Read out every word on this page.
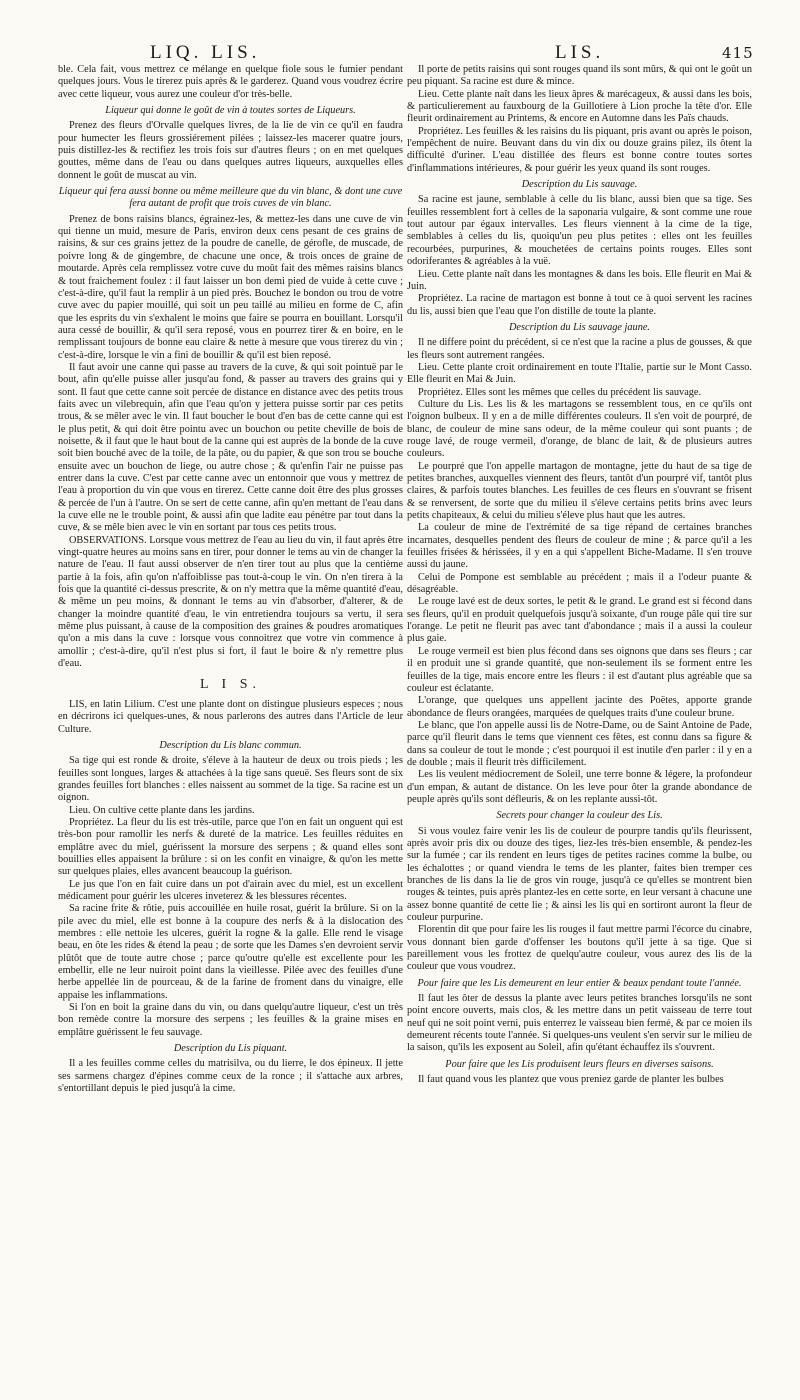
LIQ. LIS.	LIS.	415

ble. Cela fait, vous mettrez ce mélange en quelque fiole sous le fumier pendant quelques jours. Vous le tirerez puis après & le garderez. Quand vous voudrez écrire avec cette liqueur, vous aurez une couleur d'or très-belle.

Liqueur qui donne le goût de vin à toutes sortes de Liqueurs.

Prenez des fleurs d'Orvalle quelques livres, de la lie de vin ce qu'il en faudra pour humecter les fleurs grossiérement pilées ; laissez-les macerer quatre jours, puis distillez-les & rectifiez les trois fois sur d'autres fleurs ; on en met quelques gouttes, même dans de l'eau ou dans quelques autres liqueurs, auxquelles elles donnent le goût de muscat au vin.

Liqueur qui fera aussi bonne ou même meilleure que du vin blanc, & dont une cuve fera autant de profit que trois cuves de vin blanc.

Prenez de bons raisins blancs, égrainez-les, & mettez-les dans une cuve de vin qui tienne un muid, mesure de Paris, environ deux cens pesant de ces grains de raisins, & sur ces grains jettez de la poudre de canelle, de gérofle, de muscade, de poivre long & de gingembre, de chacune une once, & trois onces de graine de moutarde. Après cela remplissez votre cuve du moût fait des mêmes raisins blancs & tout fraichement foulez : il faut laisser un bon demi pied de vuide à cette cuve ; c'est-à-dire, qu'il faut la remplir à un pied près. Bouchez le bondon ou trou de votre cuve avec du papier mouillé, qui soit un peu taillé au milieu en forme de C, afin que les esprits du vin s'exhalent le moins que faire se pourra en bouillant. Lorsqu'il aura cessé de bouillir, & qu'il sera reposé, vous en pourrez tirer & en boire, en le remplissant toujours de bonne eau claire & nette à mesure que vous tirerez du vin ; c'est-à-dire, lorsque le vin a fini de bouillir & qu'il est bien reposé.

Il faut avoir une canne qui passe au travers de la cuve, & qui soit pointuë par le bout, afin qu'elle puisse aller jusqu'au fond, & passer au travers des grains qui y sont. Il faut que cette canne soit percée de distance en distance avec des petits trous faits avec un vilebrequin, afin que l'eau qu'on y jettera puisse sortir par ces petits trous, & se mêler avec le vin. Il faut boucher le bout d'en bas de cette canne qui est le plus petit, & qui doit être pointu avec un bouchon ou petite cheville de bois de noisette, & il faut que le haut bout de la canne qui est auprès de la bonde de la cuve soit bien bouché avec de la toile, de la pâte, ou du papier, & que son trou se bouche ensuite avec un bouchon de liege, ou autre chose ; & qu'enfin l'air ne puisse pas entrer dans la cuve. C'est par cette canne avec un entonnoir que vous y mettrez de l'eau à proportion du vin que vous en tirerez. Cette canne doit être des plus grosses & percée de l'un à l'autre. On se sert de cette canne, afin qu'en mettant de l'eau dans la cuve elle ne le trouble point, & aussi afin que ladite eau pénétre par tout dans la cuve, & se mêle bien avec le vin en sortant par tous ces petits trous.

OBSERVATIONS. Lorsque vous mettrez de l'eau au lieu du vin, il faut après être vingt-quatre heures au moins sans en tirer, pour donner le tems au vin de changer la nature de l'eau. Il faut aussi observer de n'en tirer tout au plus que la centième partie à la fois, afin qu'on n'affoiblisse pas tout-à-coup le vin. On n'en tirera à la fois que la quantité ci-dessus prescrite, & on n'y mettra que la même quantité d'eau, & même un peu moins, & donnant le tems au vin d'absorber, d'alterer, & de changer la moindre quantité d'eau, le vin entretiendra toujours sa vertu, il sera même plus puissant, à cause de la composition des graines & poudres aromatiques qu'on a mis dans la cuve : lorsque vous connoitrez que votre vin commence à amollir ; c'est-à-dire, qu'il n'est plus si fort, il faut le boire & n'y remettre plus d'eau.

L I S.

LIS, en latin Lilium. C'est une plante dont on distingue plusieurs especes ; nous en décrirons ici quelques-unes, & nous parlerons des autres dans l'Article de leur Culture.

Description du Lis blanc commun.

Sa tige qui est ronde & droite, s'éleve à la hauteur de deux ou trois pieds ; les feuilles sont longues, larges & attachées à la tige sans queuë. Ses fleurs sont de six grandes feuilles fort blanches : elles naissent au sommet de la tige. Sa racine est un oignon.

Lieu. On cultive cette plante dans les jardins.

Propriétez. La fleur du lis est très-utile, parce que l'on en fait un onguent qui est très-bon pour ramollir les nerfs & dureté de la matrice. Les feuilles réduites en emplâtre avec du miel, guérissent la morsure des serpens ; & quand elles sont bouillies elles appaisent la brûlure : si on les confit en vinaigre, & qu'on les mette sur quelques plaies, elles avancent beaucoup la guérison.

Le jus que l'on en fait cuire dans un pot d'airain avec du miel, est un excellent médicament pour guérir les ulceres inveterez & les blessures récentes.

Sa racine frite & rôtie, puis accouillée en huile rosat, guérit la brûlure. Si on la pile avec du miel, elle est bonne à la coupure des nerfs & à la dislocation des membres : elle nettoie les ulceres, guérit la rogne & la galle. Elle rend le visage beau, en ôte les rides & étend la peau ; de sorte que les Dames s'en devroient servir plûtôt que de toute autre chose ; parce qu'outre qu'elle est excellente pour les embellir, elle ne leur nuiroit point dans la vieillesse. Pilée avec des feuilles d'une herbe appellée lin de pourceau, & de la farine de froment dans du vinaigre, elle appaise les inflammations.

Si l'on en boit la graine dans du vin, ou dans quelqu'autre liqueur, c'est un très bon remède contre la morsure des serpens ; les feuilles & la graine mises en emplâtre guérissent le feu sauvage.

Description du Lis piquant.

Il a les feuilles comme celles du matrisilva, ou du lierre, le dos épineux. Il jette ses sarmens chargez d'épines comme ceux de la ronce ; il s'attache aux arbres, s'entortillant depuis le pied jusqu'à la cime.

Il porte de petits raisins qui sont rouges quand ils sont mûrs, & qui ont le goût un peu piquant. Sa racine est dure & mince.

Lieu. Cette plante naît dans les lieux âpres & marécageux, & aussi dans les bois, & particulierement au fauxbourg de la Guillotiere à Lion proche la tête d'or. Elle fleurit ordinairement au Printems, & encore en Automne dans les Païs chauds.

Propriétez. Les feuilles & les raisins du lis piquant, pris avant ou après le poison, l'empêchent de nuire. Beuvant dans du vin dix ou douze grains pilez, ils ôtent la difficulté d'uriner. L'eau distillée des fleurs est bonne contre toutes sortes d'inflammations intérieures, & pour guérir les yeux quand ils sont rouges.

Description du Lis sauvage.

Sa racine est jaune, semblable à celle du lis blanc, aussi bien que sa tige. Ses feuilles ressemblent fort à celles de la saponaria vulgaire, & sont comme une roue tout autour par égaux intervalles. Les fleurs viennent à la cime de la tige, semblables à celles du lis, quoiqu'un peu plus petites : elles ont les feuilles recourbées, purpurines, & mouchetées de certains points rouges. Elles sont odoriferantes & agréables à la vuë.

Lieu. Cette plante naît dans les montagnes & dans les bois. Elle fleurit en Mai & Juin.

Propriétez. La racine de martagon est bonne à tout ce à quoi servent les racines du lis, aussi bien que l'eau que l'on distille de toute la plante.

Description du Lis sauvage jaune.

Il ne differe point du précédent, si ce n'est que la racine a plus de gousses, & que les fleurs sont autrement rangées.

Lieu. Cette plante croit ordinairement en toute l'Italie, partie sur le Mont Casso. Elle fleurit en Mai & Juin.

Propriétez. Elles sont les mêmes que celles du précédent lis sauvage.

Culture du Lis. Les lis & les martagons se ressemblent tous, en ce qu'ils ont l'oignon bulbeux. Il y en a de mille différentes couleurs. Il s'en voit de pourpré, de blanc, de couleur de mine sans odeur, de la même couleur qui sont puants ; de rouge lavé, de rouge vermeil, d'orange, de blanc de lait, & de plusieurs autres couleurs.

Le pourpré que l'on appelle martagon de montagne, jette du haut de sa tige de petites branches, auxquelles viennent des fleurs, tantôt d'un pourpré vif, tantôt plus claires, & parfois toutes blanches. Les feuilles de ces fleurs en s'ouvrant se frisent & se renversent, de sorte que du milieu il s'éleve certains petits brins avec leurs petits chapiteaux, & celui du milieu s'éleve plus haut que les autres.

La couleur de mine de l'extrémité de sa tige répand de certaines branches incarnates, desquelles pendent des fleurs de couleur de mine ; & parce qu'il a les feuilles frisées & hérissées, il y en a qui s'appellent Biche-Madame. Il s'en trouve aussi du jaune.

Celui de Pompone est semblable au précédent ; mais il a l'odeur puante & désagréable.

Le rouge lavé est de deux sortes, le petit & le grand. Le grand est si fécond dans ses fleurs, qu'il en produit quelquefois jusqu'à soixante, d'un rouge pâle qui tire sur l'orange. Le petit ne fleurit pas avec tant d'abondance ; mais il a aussi la couleur plus gaie.

Le rouge vermeil est bien plus fécond dans ses oignons que dans ses fleurs ; car il en produit une si grande quantité, que non-seulement ils se forment entre les feuilles de la tige, mais encore entre les fleurs : il est d'autant plus agréable que sa couleur est éclatante.

L'orange, que quelques uns appellent jacinte des Poëtes, apporte grande abondance de fleurs orangées, marquées de quelques traits d'une couleur brune.

Le blanc, que l'on appelle aussi lis de Notre-Dame, ou de Saint Antoine de Pade, parce qu'il fleurit dans le tems que viennent ces fêtes, est connu dans sa figure & dans sa couleur de tout le monde ; c'est pourquoi il est inutile d'en parler : il y en a de double ; mais il fleurit très difficilement.

Les lis veulent médiocrement de Soleil, une terre bonne & légere, la profondeur d'un empan, & autant de distance. On les leve pour ôter la grande abondance de peuple après qu'ils sont défleuris, & on les replante aussi-tôt.

Secrets pour changer la couleur des Lis.

Si vous voulez faire venir les lis de couleur de pourpre tandis qu'ils fleurissent, après avoir pris dix ou douze des tiges, liez-les très-bien ensemble, & pendez-les sur la fumée ; car ils rendent en leurs tiges de petites racines comme la bulbe, ou les échalottes ; or quand viendra le tems de les planter, faites bien tremper ces branches de lis dans la lie de gros vin rouge, jusqu'à ce qu'elles se montrent bien rouges & teintes, puis après plantez-les en cette sorte, en leur versant à chacune une assez bonne quantité de cette lie ; & ainsi les lis qui en sortiront auront la fleur de couleur purpurine.

Florentin dit que pour faire les lis rouges il faut mettre parmi l'écorce du cinabre, vous donnant bien garde d'offenser les boutons qu'il jette à sa tige. Que si pareillement vous les frottez de quelqu'autre couleur, vous aurez des lis de la couleur que vous voudrez.

Pour faire que les Lis demeurent en leur entier & beaux pendant toute l'année.

Il faut les ôter de dessus la plante avec leurs petites branches lorsqu'ils ne sont point encore ouverts, mais clos, & les mettre dans un petit vaisseau de terre tout neuf qui ne soit point verni, puis enterrez le vaisseau bien fermé, & par ce moien ils demeurent récents toute l'année. Si quelques-uns veulent s'en servir sur le milieu de la saison, qu'ils les exposent au Soleil, afin qu'étant échauffez ils s'ouvrent.

Pour faire que les Lis produisent leurs fleurs en diverses saisons.

Il faut quand vous les plantez que vous preniez garde de planter les bulbes
